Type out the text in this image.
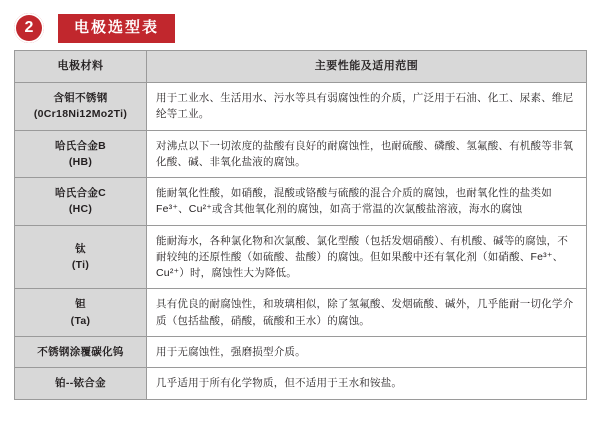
2	电极选型表
电极材料	主要性能及适用范围

含钼不锈钢
(0Cr18Ni12Mo2Ti)	用于工业水、生活用水、污水等具有弱腐蚀性的介质，广泛用于石油、化工、尿素、维尼纶等工业。

哈氏合金B
(HB)	对沸点以下一切浓度的盐酸有良好的耐腐蚀性，也耐硫酸、磷酸、氢氟酸、有机酸等非氧化酸、碱、非氧化盐液的腐蚀。

哈氏合金C
(HC)	能耐氧化性酸，如硝酸，混酸或铬酸与硫酸的混合介质的腐蚀，也耐氧化性的盐类如Fe³⁺、Cu²⁺或含其他氧化剂的腐蚀，如高于常温的次氯酸盐溶液，海水的腐蚀

钛
(Ti)	能耐海水，各种氯化物和次氯酸、氯化型酸（包括发烟硝酸）、有机酸、碱等的腐蚀，不耐较纯的还原性酸（如硫酸、盐酸）的腐蚀。但如果酸中还有氧化剂（如硝酸、Fe³⁺、Cu²⁺）时，腐蚀性大为降低。

钽
(Ta)	具有优良的耐腐蚀性，和玻璃相似，除了氢氟酸、发烟硫酸、碱外，几乎能耐一切化学介质（包括盐酸，硝酸，硫酸和王水）的腐蚀。

不锈钢涂覆碳化钨	用于无腐蚀性，强磨损型介质。

铂--铱合金	几乎适用于所有化学物质，但不适用于王水和铵盐。
